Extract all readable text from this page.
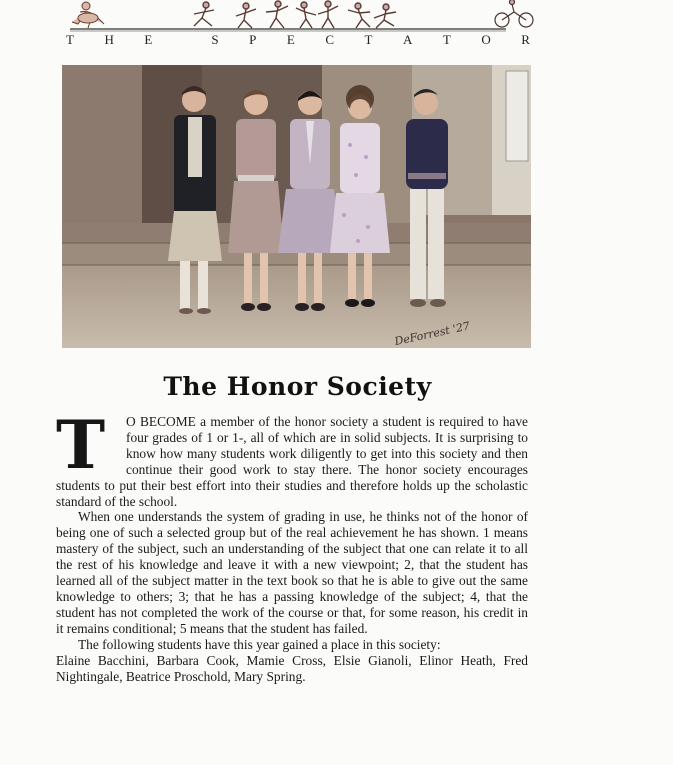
T H E	S P E C T A T O R
DeForrest '27
The Honor Society

T	O BECOME a member of the honor society a student is required to have four grades of 1 or 1-, all of which are in solid subjects. It is surprising to know how many students work diligently to get into this society and then continue their good work to stay there. The honor society encourages students to put their best effort into their studies and therefore holds up the scholastic standard of the school.

When one understands the system of grading in use, he thinks not of the honor of being one of such a selected group but of the real achievement he has shown. 1 means mastery of the subject, such an understanding of the subject that one can relate it to all the rest of his knowledge and leave it with a new viewpoint; 2, that the student has learned all of the subject matter in the text book so that he is able to give out the same knowledge to others; 3; that he has a passing knowledge of the subject; 4, that the student has not completed the work of the course or that, for some reason, his credit in it remains conditional; 5 means that the student has failed.

The following students have this year gained a place in this society:
Elaine Bacchini, Barbara Cook, Mamie Cross, Elsie Gianoli, Elinor Heath, Fred Nightingale, Beatrice Proschold, Mary Spring.
